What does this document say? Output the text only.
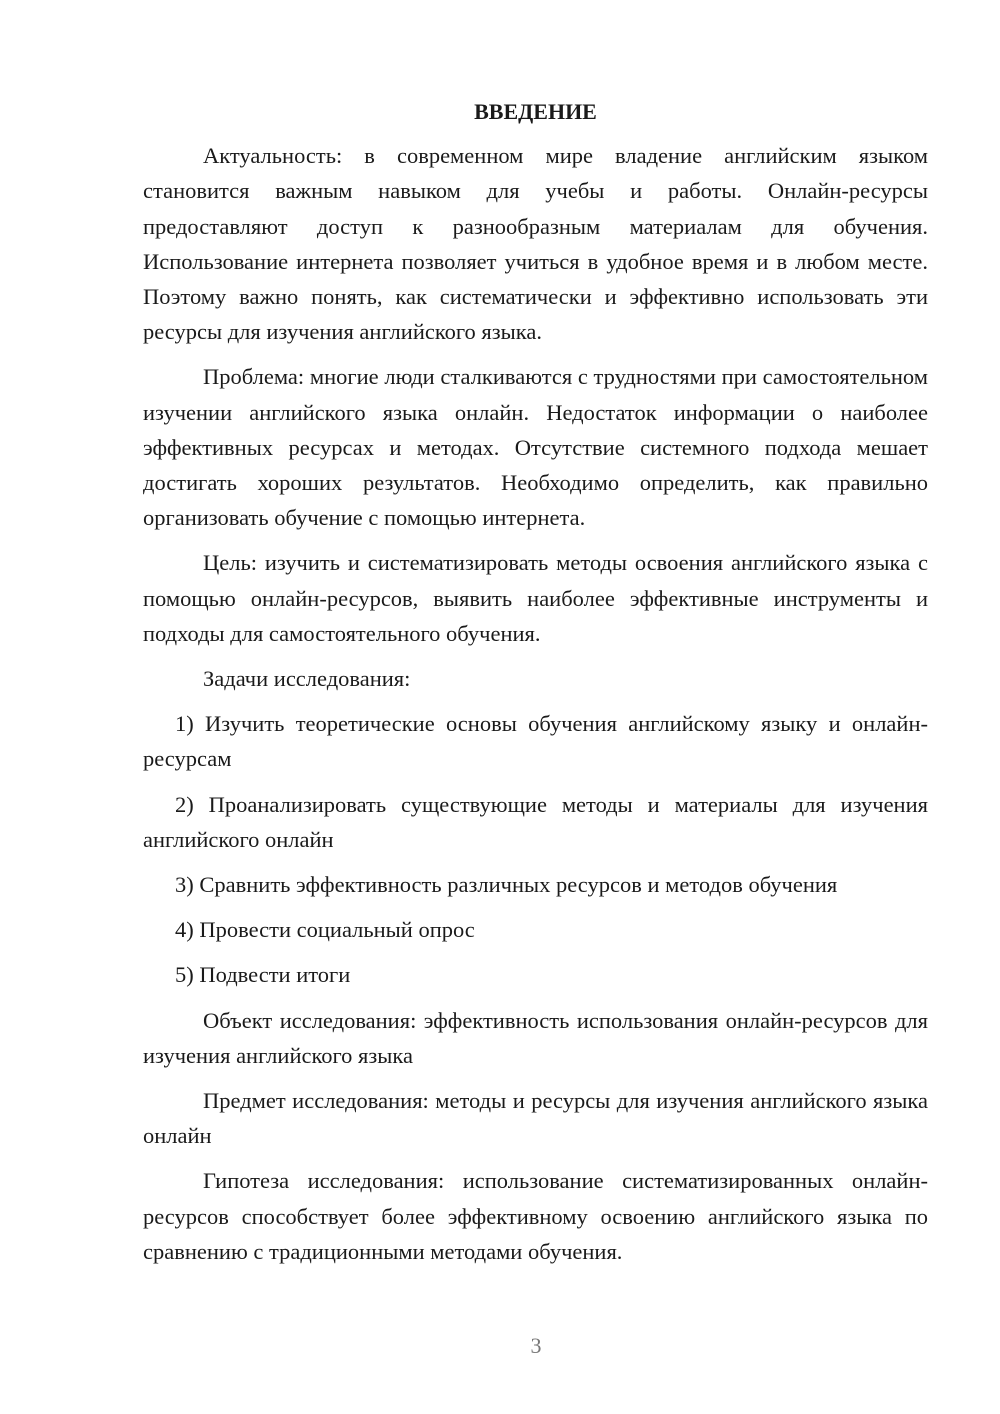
ВВЕДЕНИЕ

Актуальность: в современном мире владение английским языком становится важным навыком для учебы и работы. Онлайн-ресурсы предоставляют доступ к разнообразным материалам для обучения. Использование интернета позволяет учиться в удобное время и в любом месте. Поэтому важно понять, как систематически и эффективно использовать эти ресурсы для изучения английского языка.

Проблема: многие люди сталкиваются с трудностями при самостоятельном изучении английского языка онлайн. Недостаток информации о наиболее эффективных ресурсах и методах. Отсутствие системного подхода мешает достигать хороших результатов. Необходимо определить, как правильно организовать обучение с помощью интернета.

Цель: изучить и систематизировать методы освоения английского языка с помощью онлайн-ресурсов, выявить наиболее эффективные инструменты и подходы для самостоятельного обучения.

Задачи исследования:

1) Изучить теоретические основы обучения английскому языку и онлайн-ресурсам

2) Проанализировать существующие методы и материалы для изучения английского онлайн

3) Сравнить эффективность различных ресурсов и методов обучения

4) Провести социальный опрос

5) Подвести итоги

Объект исследования: эффективность использования онлайн-ресурсов для изучения английского языка

Предмет исследования: методы и ресурсы для изучения английского языка онлайн

Гипотеза исследования: использование систематизированных онлайн-ресурсов способствует более эффективному освоению английского языка по сравнению с традиционными методами обучения.

3
